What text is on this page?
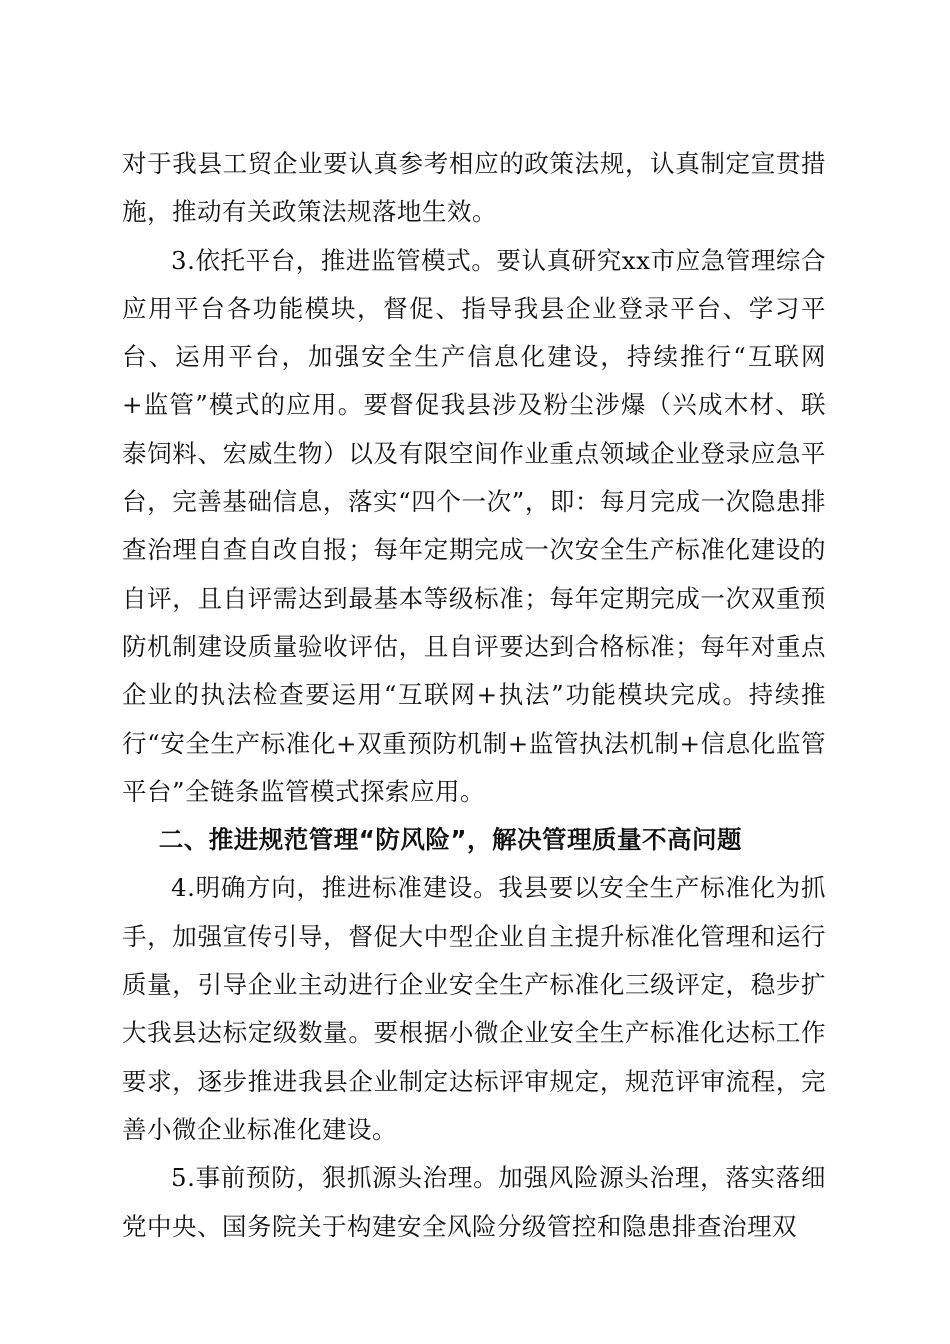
对于我县工贸企业要认真参考相应的政策法规，认真制定宣贯措施，推动有关政策法规落地生效。

3.依托平台，推进监管模式。要认真研究xx市应急管理综合应用平台各功能模块，督促、指导我县企业登录平台、学习平台、运用平台，加强安全生产信息化建设，持续推行“互联网+监管”模式的应用。要督促我县涉及粉尘涉爆（兴成木材、联泰饲料、宏威生物）以及有限空间作业重点领域企业登录应急平台，完善基础信息，落实“四个一次”，即：每月完成一次隐患排查治理自查自改自报；每年定期完成一次安全生产标准化建设的自评，且自评需达到最基本等级标准；每年定期完成一次双重预防机制建设质量验收评估，且自评要达到合格标准；每年对重点企业的执法检查要运用“互联网+执法”功能模块完成。持续推行“安全生产标准化+双重预防机制+监管执法机制+信息化监管平台”全链条监管模式探索应用。

二、推进规范管理“防风险”，解决管理质量不高问题

4.明确方向，推进标准建设。我县要以安全生产标准化为抓手，加强宣传引导，督促大中型企业自主提升标准化管理和运行质量，引导企业主动进行企业安全生产标准化三级评定，稳步扩大我县达标定级数量。要根据小微企业安全生产标准化达标工作要求，逐步推进我县企业制定达标评审规定，规范评审流程，完善小微企业标准化建设。

5.事前预防，狠抓源头治理。加强风险源头治理，落实落细党中央、国务院关于构建安全风险分级管控和隐患排查治理双
